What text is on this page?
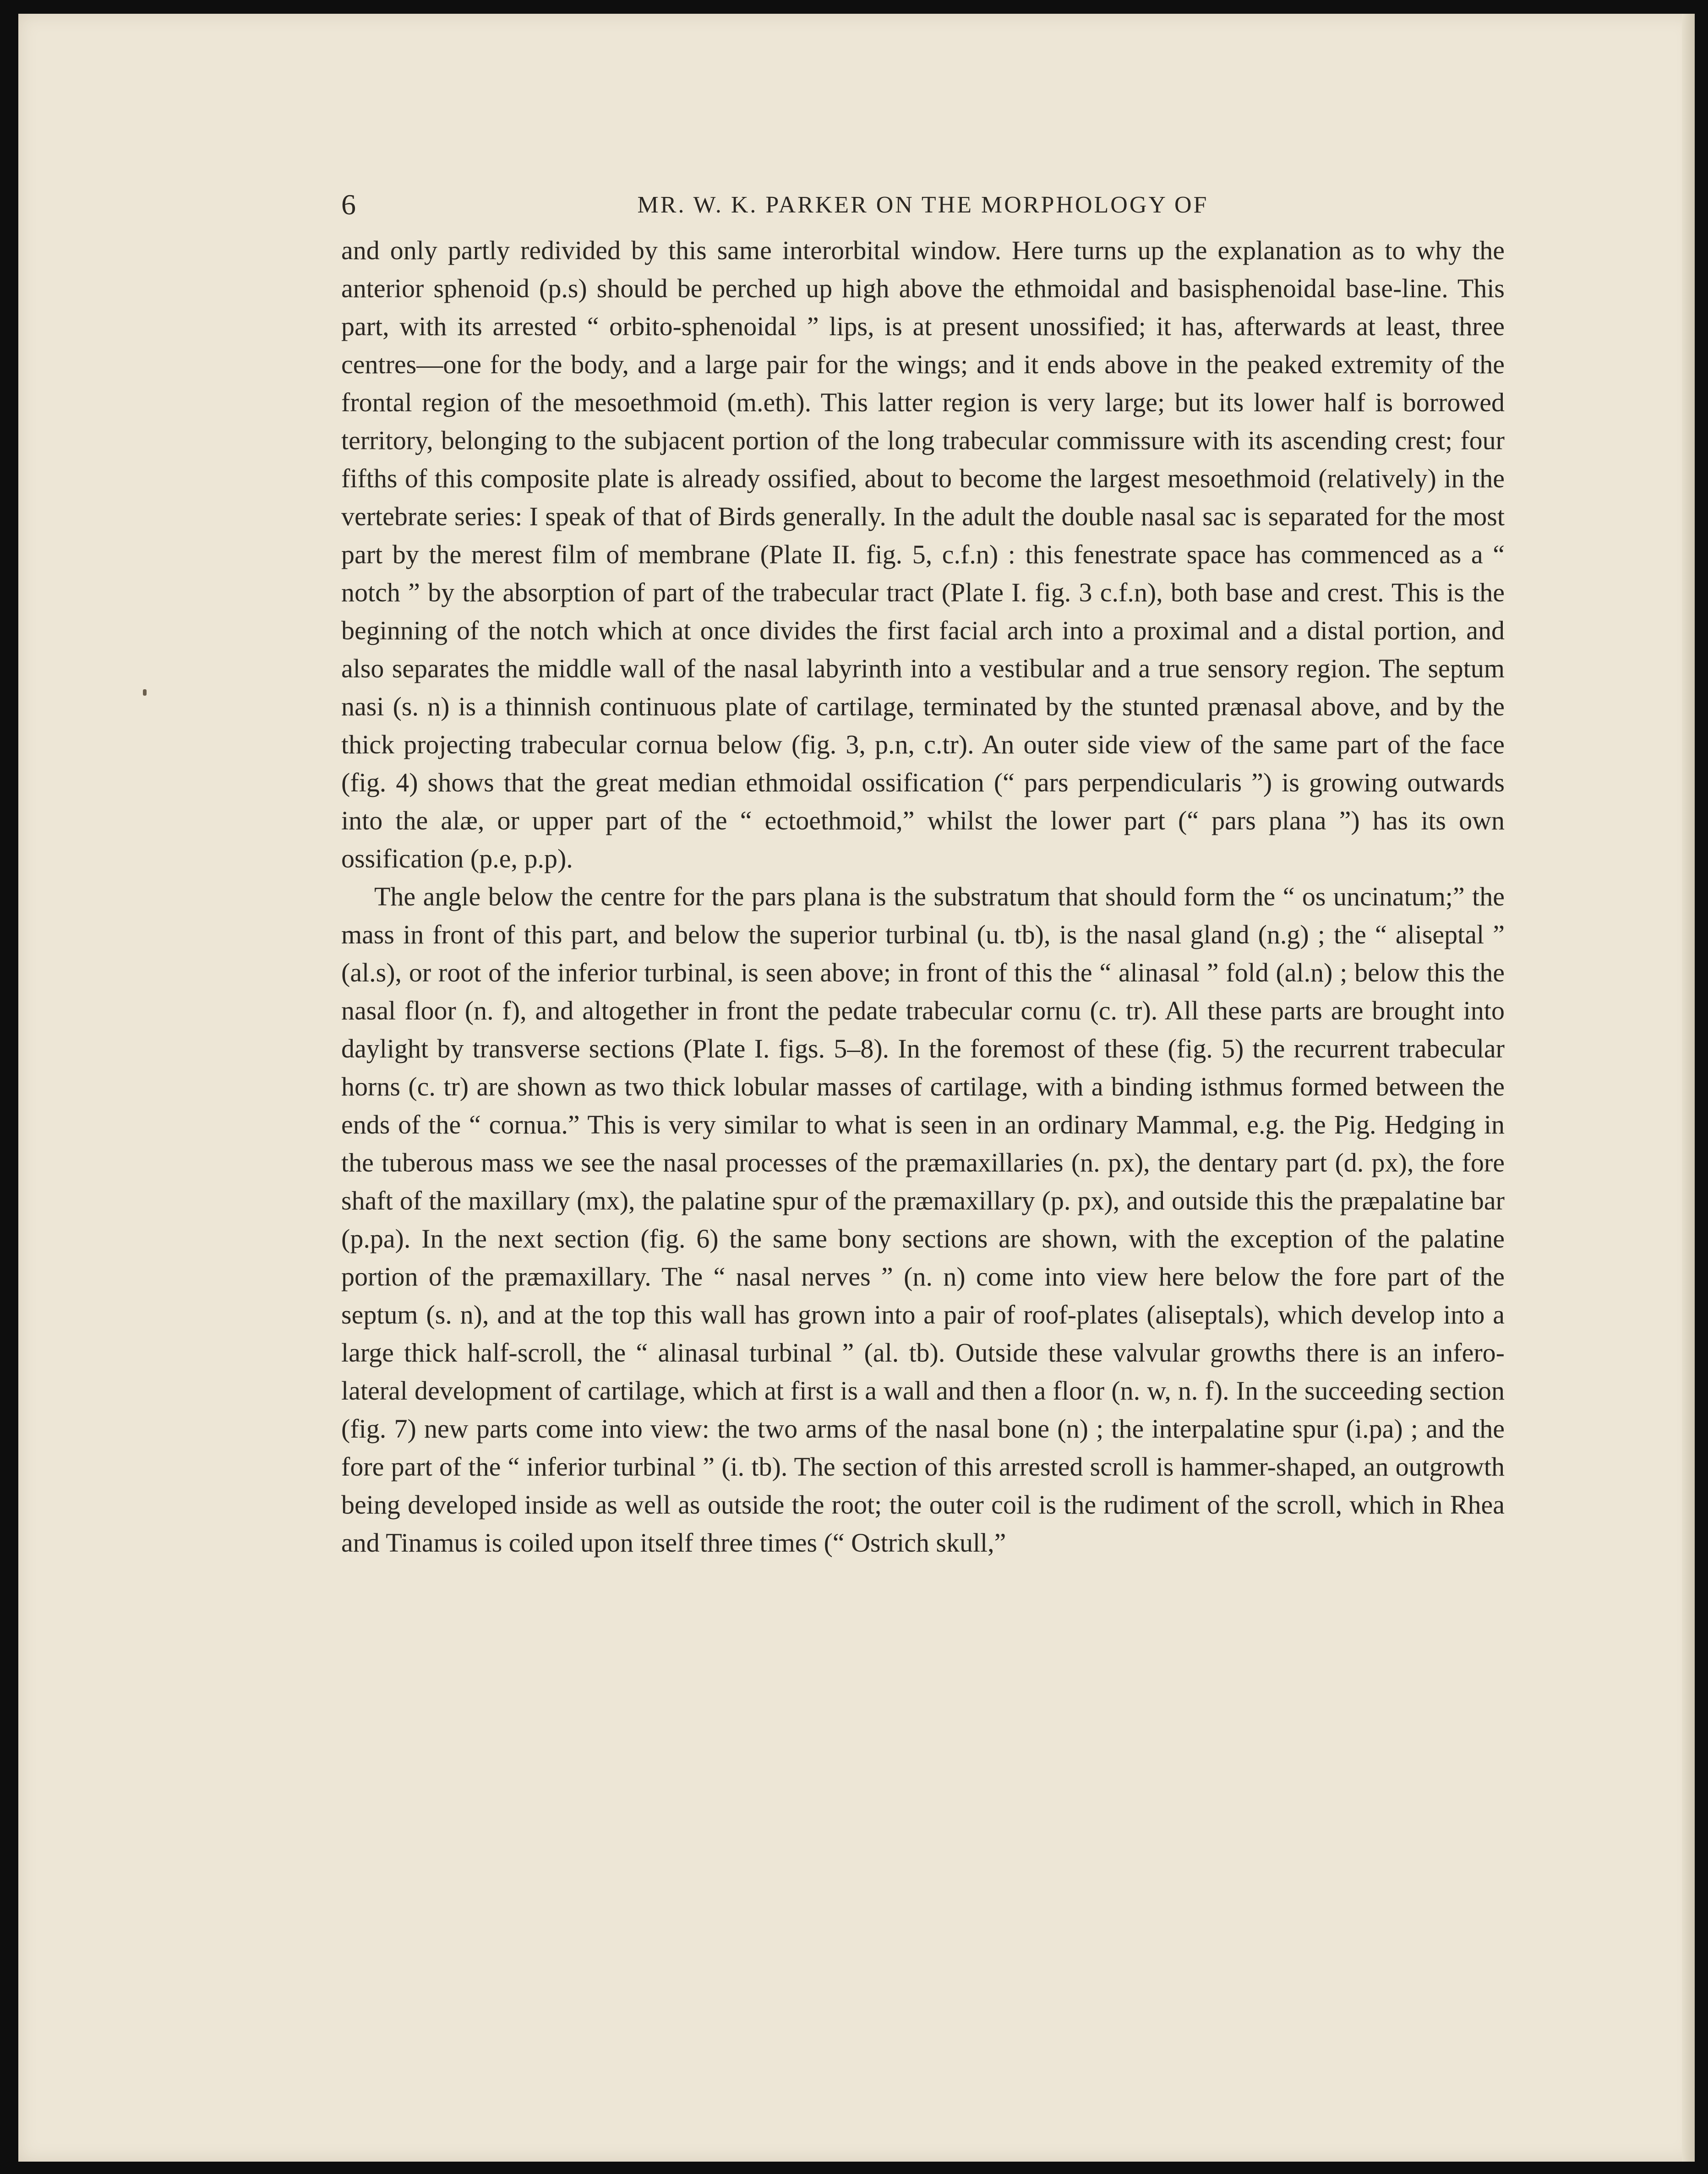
6	MR. W. K. PARKER ON THE MORPHOLOGY OF

and only partly redivided by this same interorbital window. Here turns up the explanation as to why the anterior sphenoid (p.s) should be perched up high above the ethmoidal and basisphenoidal base-line. This part, with its arrested “ orbito-sphenoidal ” lips, is at present unossified; it has, afterwards at least, three centres—one for the body, and a large pair for the wings; and it ends above in the peaked extremity of the frontal region of the mesoethmoid (m.eth). This latter region is very large; but its lower half is borrowed territory, belonging to the subjacent portion of the long trabecular commissure with its ascending crest; four fifths of this composite plate is already ossified, about to become the largest mesoethmoid (relatively) in the vertebrate series: I speak of that of Birds generally. In the adult the double nasal sac is separated for the most part by the merest film of membrane (Plate II. fig. 5, c.f.n) : this fenestrate space has commenced as a “ notch ” by the absorption of part of the trabecular tract (Plate I. fig. 3 c.f.n), both base and crest. This is the beginning of the notch which at once divides the first facial arch into a proximal and a distal portion, and also separates the middle wall of the nasal labyrinth into a vestibular and a true sensory region. The septum nasi (s. n) is a thinnish continuous plate of cartilage, terminated by the stunted prænasal above, and by the thick projecting trabecular cornua below (fig. 3, p.n, c.tr). An outer side view of the same part of the face (fig. 4) shows that the great median ethmoidal ossification (“ pars perpendicularis ”) is growing outwards into the alæ, or upper part of the “ ectoethmoid,” whilst the lower part (“ pars plana ”) has its own ossification (p.e, p.p).

The angle below the centre for the pars plana is the substratum that should form the “ os uncinatum;” the mass in front of this part, and below the superior turbinal (u. tb), is the nasal gland (n.g) ; the “ aliseptal ” (al.s), or root of the inferior turbinal, is seen above; in front of this the “ alinasal ” fold (al.n) ; below this the nasal floor (n. f), and altogether in front the pedate trabecular cornu (c. tr). All these parts are brought into daylight by transverse sections (Plate I. figs. 5–8). In the foremost of these (fig. 5) the recurrent trabecular horns (c. tr) are shown as two thick lobular masses of cartilage, with a binding isthmus formed between the ends of the “ cornua.” This is very similar to what is seen in an ordinary Mammal, e.g. the Pig. Hedging in the tuberous mass we see the nasal processes of the præmaxillaries (n. px), the dentary part (d. px), the fore shaft of the maxillary (mx), the palatine spur of the præmaxillary (p. px), and outside this the præpalatine bar (p.pa). In the next section (fig. 6) the same bony sections are shown, with the exception of the palatine portion of the præmaxillary. The “ nasal nerves ” (n. n) come into view here below the fore part of the septum (s. n), and at the top this wall has grown into a pair of roof-plates (aliseptals), which develop into a large thick half-scroll, the “ alinasal turbinal ” (al. tb). Outside these valvular growths there is an infero-lateral development of cartilage, which at first is a wall and then a floor (n. w, n. f). In the succeeding section (fig. 7) new parts come into view: the two arms of the nasal bone (n) ; the interpalatine spur (i.pa) ; and the fore part of the “ inferior turbinal ” (i. tb). The section of this arrested scroll is hammer-shaped, an outgrowth being developed inside as well as outside the root; the outer coil is the rudiment of the scroll, which in Rhea and Tinamus is coiled upon itself three times (“ Ostrich skull,”
